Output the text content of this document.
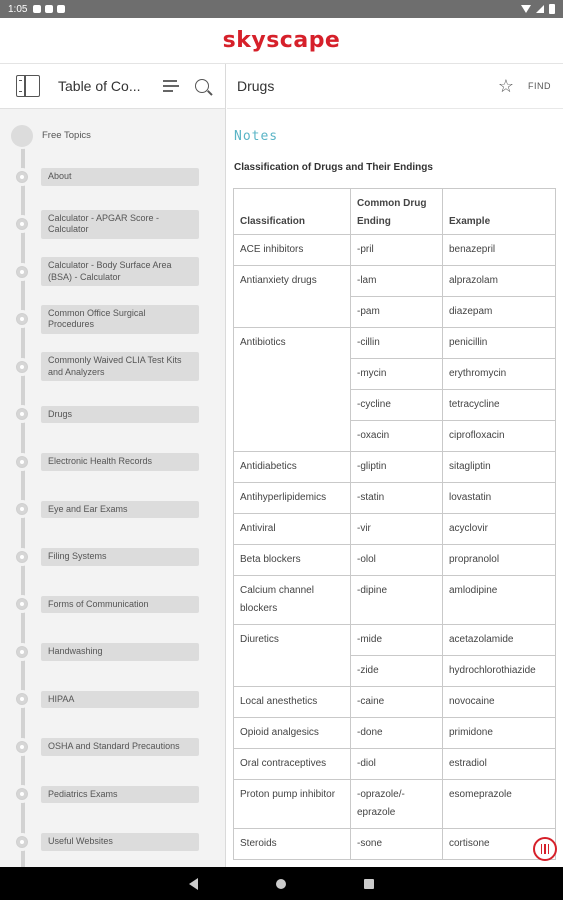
1:05
skyscape
Table of Co...
Free Topics
About
Calculator - APGAR Score - Calculator
Calculator - Body Surface Area (BSA) - Calculator
Common Office Surgical Procedures
Commonly Waived CLIA Test Kits and Analyzers
Drugs
Electronic Health Records
Eye and Ear Exams
Filing Systems
Forms of Communication
Handwashing
HIPAA
OSHA and Standard Precautions
Pediatrics Exams
Useful Websites
Drugs	☆ FIND
Notes
Classification of Drugs and Their Endings
Classification	Common Drug Ending	Example
ACE inhibitors	-pril	benazepril
Antianxiety drugs	-lam	alprazolam
	-pam	diazepam
Antibiotics	-cillin	penicillin
	-mycin	erythromycin
	-cycline	tetracycline
	-oxacin	ciprofloxacin
Antidiabetics	-gliptin	sitagliptin
Antihyperlipidemics	-statin	lovastatin
Antiviral	-vir	acyclovir
Beta blockers	-olol	propranolol
Calcium channel blockers	-dipine	amlodipine
Diuretics	-mide	acetazolamide
	-zide	hydrochlorothiazide
Local anesthetics	-caine	novocaine
Opioid analgesics	-done	primidone
Oral contraceptives	-diol	estradiol
Proton pump inhibitor	-oprazole/-eprazole	esomeprazole
Steroids	-sone	cortisone
